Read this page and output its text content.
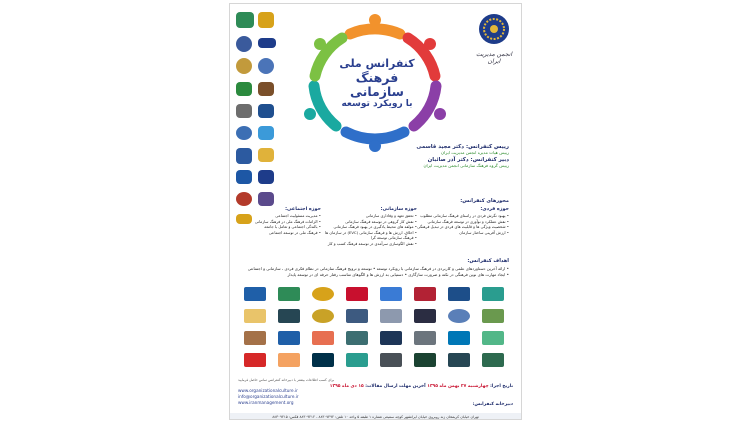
کنفرانس ملی
فرهنگ سازمانی
با رویکرد توسعه
انجمن مدیریت ایران
رییس کنفرانس: دکتر مجید قاسمی
رییس هیات مدیره انجمن مدیریت ایران
دبیر کنفرانس: دکتر آذر صائبان
رییس گروه فرهنگ سازمانی انجمن مدیریت ایران
محورهای کنفرانس:
حوزه فردی:
• بهبود نگرش فردی در راستای فرهنگ سازمانی مطلوب
• نقش عملکرد و نوآوری در توسعه فرهنگ سازمانی
• شخصیت ویژگی ها و قابلیت های فردی در تبدیل فرهنگی
• ارزش آفرینی ساختار سازمان
حوزه سازمانی:
• تحقق تعهد و وفاداری سازمانی
• نقش کار گروهی در توسعه فرهنگ سازمانی
• مولفه های محیط یادگیری در بهبود فرهنگ سازمانی
• اخلاق، ارزش ها و فرهنگ سازمانی (EVC) در سازمان ها
• فرهنگ سازمانی توسعه گرا
• نقش الگوسازی سرآمدی در توسعه فرهنگ کسب و کار
حوزه اجتماعی:
• مدیریت مسئولیت اجتماعی
• الزامات فرهنگ ملی در فرهنگ سازمانی
• بالندگی اجتماعی و تعامل با جامعه
• فرهنگ ملی در توسعه اجتماعی
اهداف کنفرانس:
• ارائه آخرین دستاوردهای علمی و کاربردی در فرهنگ سازمانی با رویکرد توسعه • توسعه و ترویج فرهنگ سازمانی در نظام فکری فردی ، سازمانی و اجتماعی
• ایجاد مهارت های نوین فرهنگی در نکته و ضرورت سازگاری • دستیابی به ارزش ها و الگوهای مناسب رفتار حرفه ای در توسعه پایدار
برای کسب اطلاعات بیشتر با دبیرخانه کنفرانس تماس حاصل فرمایید
تاریخ اجرا: چهارشنبه ۲۷ بهمن ماه ۱۳۹۵ آخرین مهلت ارسال مقالات: ۱۵ دی ماه ۱۳۹۵
www.organizationalculture.ir
info@organizationalculture.ir
www.iranmanagement.org	دبیرخانه کنفرانس:
تهران خیابان کریمخان زند روبروی خیابان ایرانشهر کوچه سمیعی شماره ۱ طبقه ۵ واحد ۱۰ تلفن: ۸۸۳۰۷۴۹۲ - ۸۸۳۰۹۲۱۲ فکس: ۸۸۳۰۹۲۱۵
